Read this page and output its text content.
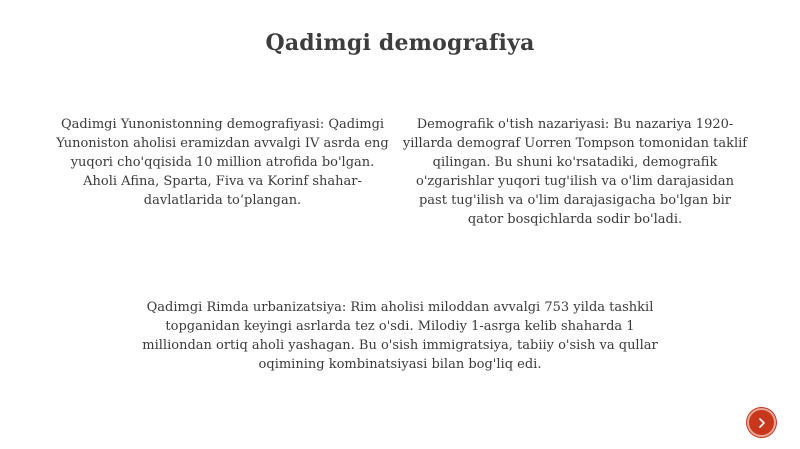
Qadimgi demografiya
Qadimgi Yunonistonning demografiyasi: Qadimgi Yunoniston aholisi eramizdan avvalgi IV asrda eng yuqori cho'qqisida 10 million atrofida bo'lgan. Aholi Afina, Sparta, Fiva va Korinf shahar-davlatlarida to‘plangan.
Demografik o'tish nazariyasi: Bu nazariya 1920-yillarda demograf Uorren Tompson tomonidan taklif qilingan. Bu shuni ko'rsatadiki, demografik o'zgarishlar yuqori tug'ilish va o'lim darajasidan past tug'ilish va o'lim darajasigacha bo'lgan bir qator bosqichlarda sodir bo'ladi.
Qadimgi Rimda urbanizatsiya: Rim aholisi miloddan avvalgi 753 yilda tashkil topganidan keyingi asrlarda tez o'sdi. Milodiy 1-asrga kelib shaharda 1 milliondan ortiq aholi yashagan. Bu o'sish immigratsiya, tabiiy o'sish va qullar oqimining kombinatsiyasi bilan bog'liq edi.
